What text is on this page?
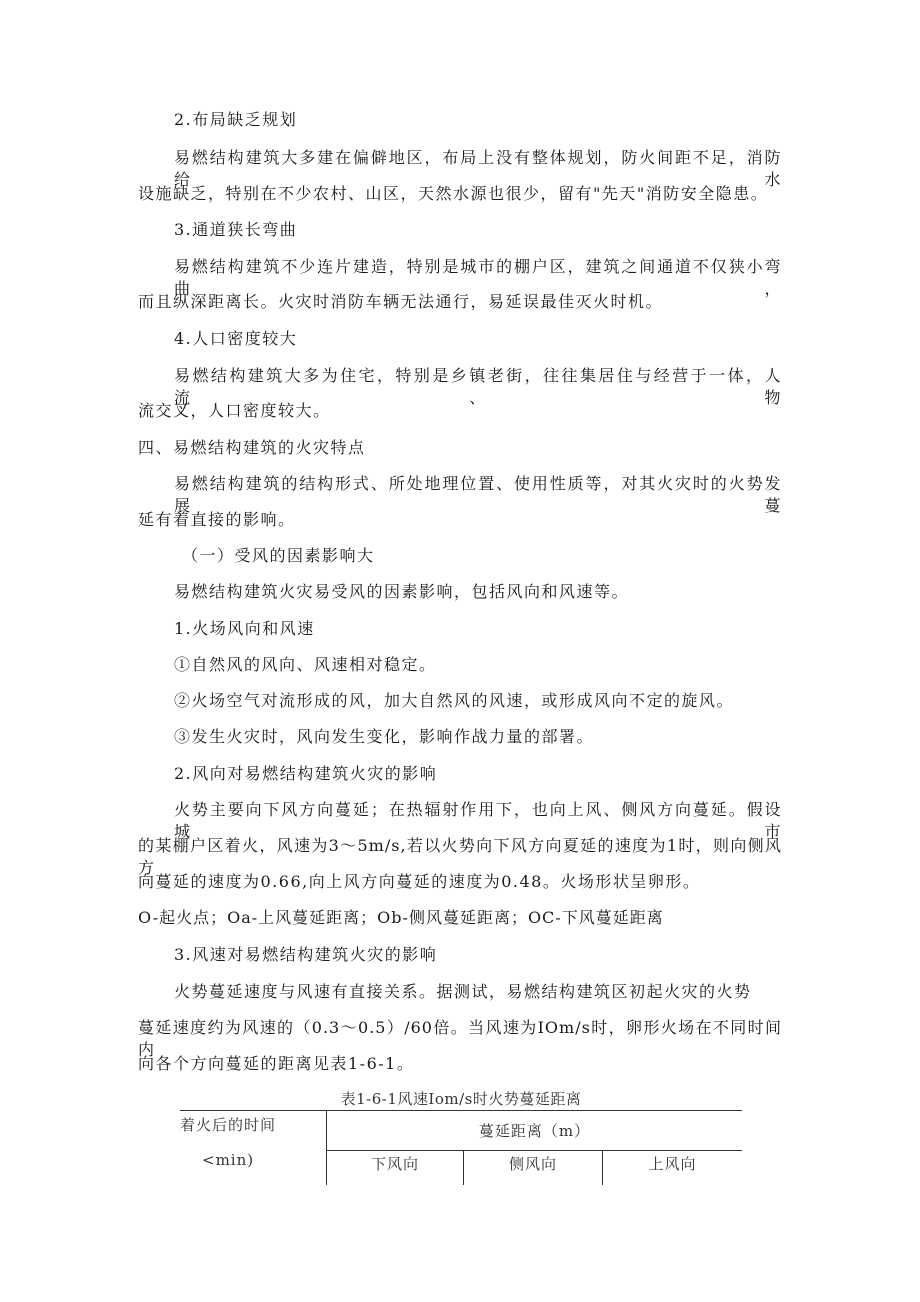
2.布局缺乏规划
易燃结构建筑大多建在偏僻地区，布局上没有整体规划，防火间距不足，消防给水
设施缺乏，特别在不少农村、山区，天然水源也很少，留有"先天"消防安全隐患。
3.通道狭长弯曲
易燃结构建筑不少连片建造，特别是城市的棚户区，建筑之间通道不仅狭小弯曲，
而且纵深距离长。火灾时消防车辆无法通行，易延误最佳灭火时机。
4.人口密度较大
易燃结构建筑大多为住宅，特别是乡镇老街，往往集居住与经营于一体，人流、物
流交叉，人口密度较大。
四、易燃结构建筑的火灾特点
易燃结构建筑的结构形式、所处地理位置、使用性质等，对其火灾时的火势发展蔓
延有着直接的影响。
（一）受风的因素影响大
易燃结构建筑火灾易受风的因素影响，包括风向和风速等。
1.火场风向和风速
①自然风的风向、风速相对稳定。
②火场空气对流形成的风，加大自然风的风速，或形成风向不定的旋风。
③发生火灾时，风向发生变化，影响作战力量的部署。
2.风向对易燃结构建筑火灾的影响
火势主要向下风方向蔓延；在热辐射作用下，也向上风、侧风方向蔓延。假设城市
的某棚户区着火，风速为3～5m/s,若以火势向下风方向夏延的速度为1时，则向侧风方
向蔓延的速度为0.66,向上风方向蔓延的速度为0.48。火场形状呈卵形。
O-起火点；Oa-上风蔓延距离；Ob-侧风蔓延距离；OC-下风蔓延距离
3.风速对易燃结构建筑火灾的影响
火势蔓延速度与风速有直接关系。据测试，易燃结构建筑区初起火灾的火势
蔓延速度约为风速的（0.3～0.5）/60倍。当风速为IOm/s时，卵形火场在不同时间内
向各个方向蔓延的距离见表1-6-1。
表1-6-1风速Iom/s时火势蔓延距离
着火后的时间	蔓延距离（m）		
<min)	下风向	侧风向	上风向
